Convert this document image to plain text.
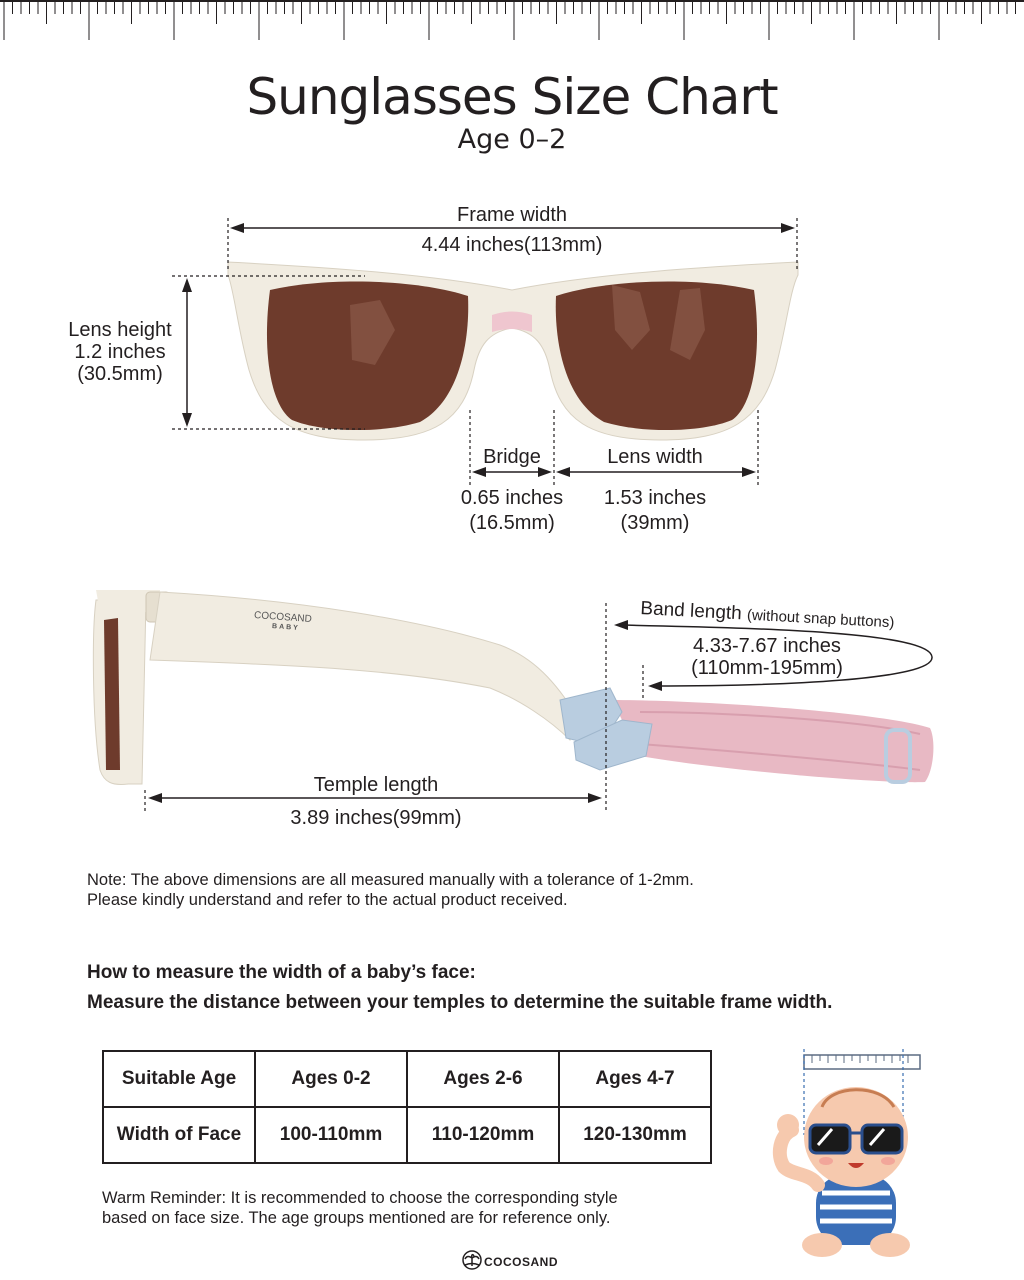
Sunglasses Size Chart
Age 0–2
Frame width
4.44 inches(113mm)
Lens height
1.2 inches
(30.5mm)
Bridge
0.65 inches
(16.5mm)
Lens width
1.53 inches
(39mm)
COCOSAND
BABY
Band length (without snap buttons)
4.33-7.67 inches
(110mm-195mm)
Temple length
3.89 inches(99mm)
Note: The above dimensions are all measured manually with a tolerance of 1-2mm.
Please kindly understand and refer to the actual product received.
How to measure the width of a baby’s face:
Measure the distance between your temples to determine the suitable frame width.
Suitable Age	Ages 0-2	Ages 2-6	Ages 4-7
Width of Face	100-110mm	110-120mm	120-130mm
Warm Reminder: It is recommended to choose the corresponding style
based on face size. The age groups mentioned are for reference only.
COCOSAND
